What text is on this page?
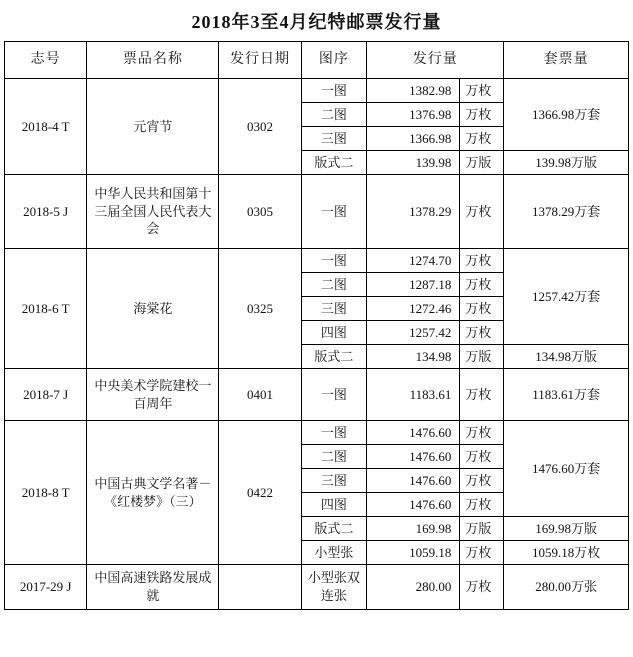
2018年3至4月纪特邮票发行量
志号	票品名称	发行日期	图序	发行量	套票量
2018-4 T	元宵节	0302	一图	1382.98 万枚	1366.98万套
			二图	1376.98 万枚	

			三图	1366.98 万枚	

			版式二	139.98 万版	139.98万版
2018-5 J	中华人民共和国第十三届全国人民代表大会	0305	一图	1378.29 万枚	1378.29万套
2018-6 T	海棠花	0325	一图	1274.70 万枚	1257.42万套
			二图	1287.18 万枚	

			三图	1272.46 万枚	

			四图	1257.42 万枚	

			版式二	134.98 万版	134.98万版
2018-7 J	中央美术学院建校一百周年	0401	一图	1183.61 万枚	1183.61万套
2018-8 T	中国古典文学名著－《红楼梦》（三）	0422	一图	1476.60 万枚	1476.60万套
			二图	1476.60 万枚	

			三图	1476.60 万枚	

			四图	1476.60 万枚	

			版式二	169.98 万版	169.98万版
			小型张	1059.18 万枚	1059.18万枚
2017-29 J	中国高速铁路发展成就		小型张双连张	280.00 万枚	280.00万张
